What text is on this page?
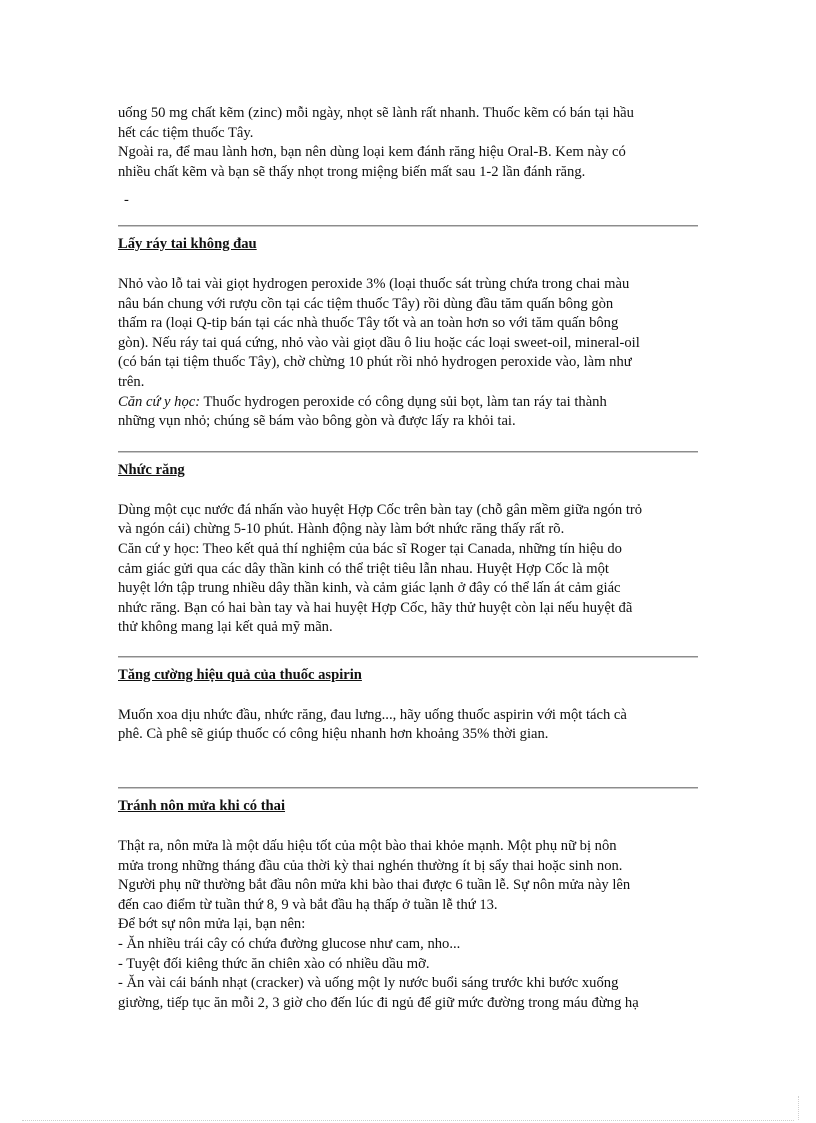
uống 50 mg chất kẽm (zinc) mỗi ngày, nhọt sẽ lành rất nhanh. Thuốc kẽm có bán tại hầu

hết các tiệm thuốc Tây.

Ngoài ra, để mau lành hơn, bạn nên dùng loại kem đánh răng hiệu Oral-B. Kem này có

nhiều chất kẽm và bạn sẽ thấy nhọt trong miệng biến mất sau 1-2 lần đánh răng.

-

Lấy ráy tai không đau

Nhỏ vào lỗ tai vài giọt hydrogen peroxide 3% (loại thuốc sát trùng chứa trong chai màu

nâu bán chung với rượu cồn tại các tiệm thuốc Tây) rồi dùng đầu tăm quấn bông gòn

thấm ra (loại Q-tip bán tại các nhà thuốc Tây tốt và an toàn hơn so với tăm quấn bông

gòn). Nếu ráy tai quá cứng, nhỏ vào vài giọt dầu ô liu hoặc các loại sweet-oil, mineral-oil

(có bán tại tiệm thuốc Tây), chờ chừng 10 phút rồi nhỏ hydrogen peroxide vào, làm như

trên.

Căn cứ y học: Thuốc hydrogen peroxide có công dụng sủi bọt, làm tan ráy tai thành

những vụn nhỏ; chúng sẽ bám vào bông gòn và được lấy ra khỏi tai.

Nhức răng

Dùng một cục nước đá nhấn vào huyệt Hợp Cốc trên bàn tay (chỗ gân mềm giữa ngón trỏ

và ngón cái) chừng 5-10 phút. Hành động này làm bớt nhức răng thấy rất rõ.

Căn cứ y học: Theo kết quả thí nghiệm của bác sĩ Roger tại Canada, những tín hiệu do

cảm giác gửi qua các dây thần kinh có thể triệt tiêu lẫn nhau. Huyệt Hợp Cốc là một

huyệt lớn tập trung nhiều dây thần kinh, và cảm giác lạnh ở đây có thể lấn át cảm giác

nhức răng. Bạn có hai bàn tay và hai huyệt Hợp Cốc, hãy thử huyệt còn lại nếu huyệt đã

thử không mang lại kết quả mỹ mãn.

Tăng cường hiệu quả của thuốc aspirin

Muốn xoa dịu nhức đầu, nhức răng, đau lưng..., hãy uống thuốc aspirin với một tách cà

phê. Cà phê sẽ giúp thuốc có công hiệu nhanh hơn khoảng 35% thời gian.

Tránh nôn mửa khi có thai

Thật ra, nôn mửa là một dấu hiệu tốt của một bào thai khỏe mạnh. Một phụ nữ bị nôn

mửa trong những tháng đầu của thời kỳ thai nghén thường ít bị sẩy thai hoặc sinh non.

Người phụ nữ thường bắt đầu nôn mửa khi bào thai được 6 tuần lễ. Sự nôn mửa này lên

đến cao điểm từ tuần thứ 8, 9 và bắt đầu hạ thấp ở tuần lễ thứ 13.

Để bớt sự nôn mửa lại, bạn nên:

- Ăn nhiều trái cây có chứa đường glucose như cam, nho...

- Tuyệt đối kiêng thức ăn chiên xào có nhiều dầu mỡ.

- Ăn vài cái bánh nhạt (cracker) và uống một ly nước buổi sáng trước khi bước xuống

giường, tiếp tục ăn mỗi 2, 3 giờ cho đến lúc đi ngủ để giữ mức đường trong máu đừng hạ
